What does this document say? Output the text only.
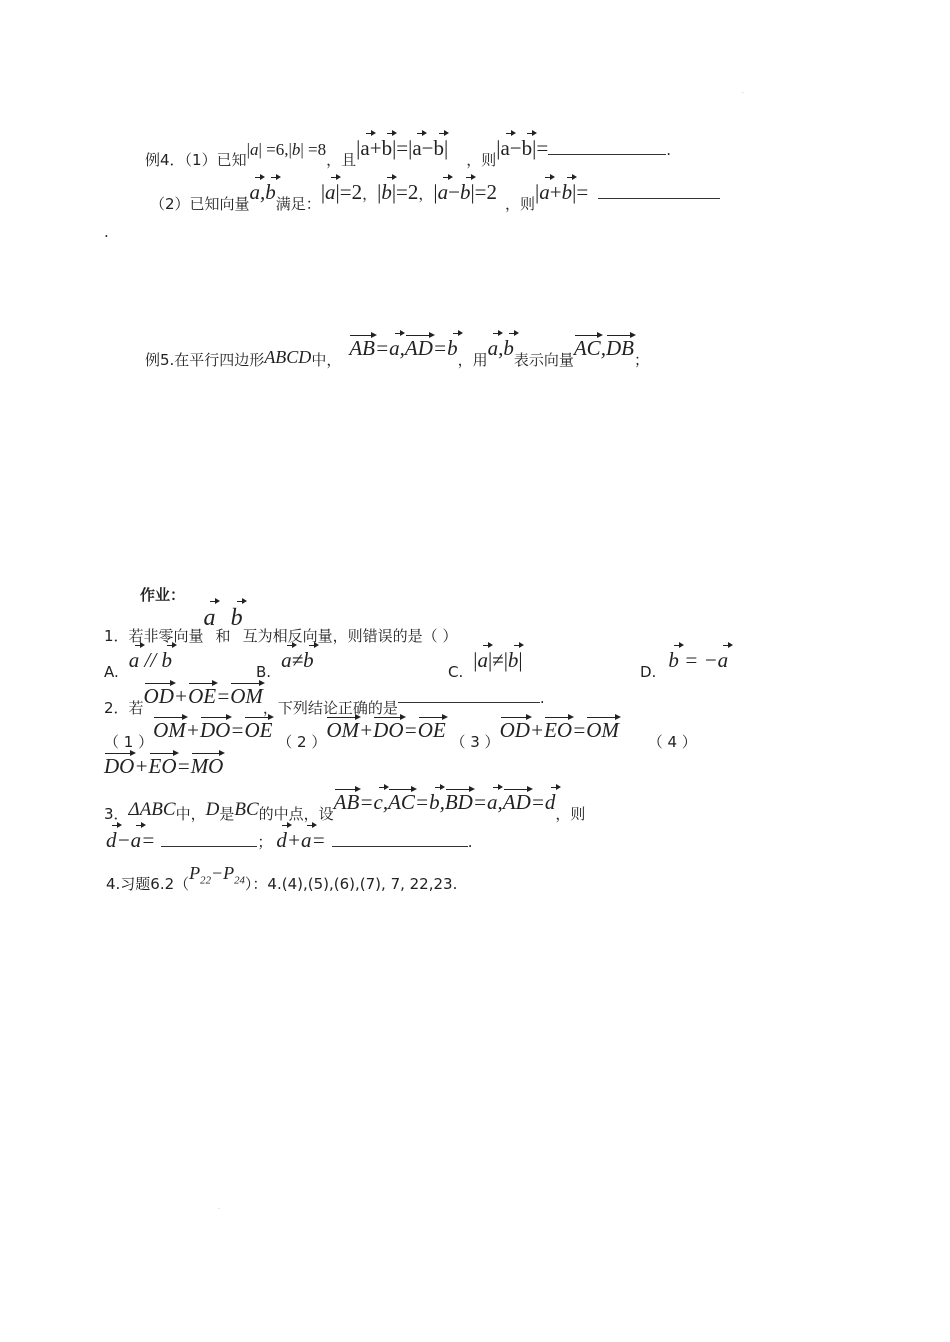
·
例4．（1）已知|a| =6,|b| =8，且|a+b|=|a−b| ，则|a−b|=	.
（2）已知向量a,b满足：|a|=2，|b|=2，|a−b|=2 ，则|a+b|=
.
例5.在平行四边形ABCD中， AB=a,AD=b，用a,b表示向量AC,DB；
作业：
1．若非零向量a和b互为相反向量，则错误的是（ ）
A. a // b	B. a≠b	C. |a|≠|b|	D. b = −a
2．若OD+OE=OM，下列结论正确的是.
（ 1 ）OM+DO=OE （ 2 ）OM+DO=OE （ 3 ）OD+EO=OM （ 4 ）
DO+EO=MO
3．ΔABC中，D是BC的中点，设AB=c,AC=b,BD=a,AD=d，则
d−a=	； d+a=	.
4.习题$6.2(P_{22}-P_{24})$：4.(4),(5),(6),(7), 7, 22,23.
·
